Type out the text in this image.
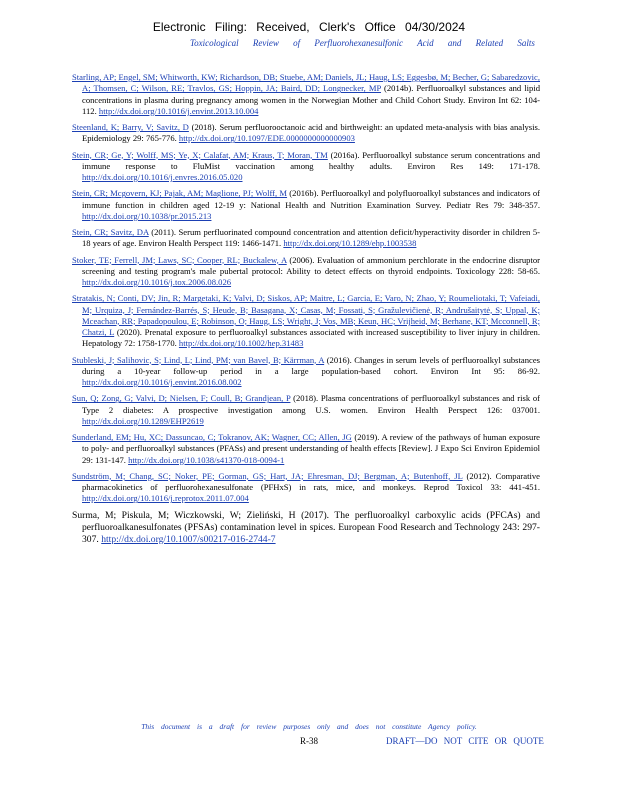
Electronic Filing: Received, Clerk's Office 04/30/2024
Toxicological Review of Perfluorohexanesulfonic Acid and Related Salts

Starling, AP; Engel, SM; Whitworth, KW; Richardson, DB; Stuebe, AM; Daniels, JL; Haug, LS; Eggesbø, M; Becher, G; Sabaredzovic, A; Thomsen, C; Wilson, RE; Travlos, GS; Hoppin, JA; Baird, DD; Longnecker, MP (2014b). Perfluoroalkyl substances and lipid concentrations in plasma during pregnancy among women in the Norwegian Mother and Child Cohort Study. Environ Int 62: 104-112. http://dx.doi.org/10.1016/j.envint.2013.10.004

Steenland, K; Barry, V; Savitz, D (2018). Serum perfluorooctanoic acid and birthweight: an updated meta-analysis with bias analysis. Epidemiology 29: 765-776. http://dx.doi.org/10.1097/EDE.0000000000000903

Stein, CR; Ge, Y; Wolff, MS; Ye, X; Calafat, AM; Kraus, T; Moran, TM (2016a). Perfluoroalkyl substance serum concentrations and immune response to FluMist vaccination among healthy adults. Environ Res 149: 171-178. http://dx.doi.org/10.1016/j.envres.2016.05.020

Stein, CR; Mcgovern, KJ; Pajak, AM; Maglione, PJ; Wolff, M (2016b). Perfluoroalkyl and polyfluoroalkyl substances and indicators of immune function in children aged 12-19 y: National Health and Nutrition Examination Survey. Pediatr Res 79: 348-357. http://dx.doi.org/10.1038/pr.2015.213

Stein, CR; Savitz, DA (2011). Serum perfluorinated compound concentration and attention deficit/hyperactivity disorder in children 5-18 years of age. Environ Health Perspect 119: 1466-1471. http://dx.doi.org/10.1289/ehp.1003538

Stoker, TE; Ferrell, JM; Laws, SC; Cooper, RL; Buckalew, A (2006). Evaluation of ammonium perchlorate in the endocrine disruptor screening and testing program's male pubertal protocol: Ability to detect effects on thyroid endpoints. Toxicology 228: 58-65. http://dx.doi.org/10.1016/j.tox.2006.08.026

Stratakis, N; Conti, DV; Jin, R; Margetaki, K; Valvi, D; Siskos, AP; Maitre, L; Garcia, E; Varo, N; Zhao, Y; Roumeliotaki, T; Vafeiadi, M; Urquiza, J; Fernández-Barrés, S; Heude, B; Basagana, X; Casas, M; Fossati, S; Gražulevičienė, R; Andrušaitytė, S; Uppal, K; Mceachan, RR; Papadopoulou, E; Robinson, O; Haug, LS; Wright, J; Vos, MB; Keun, HC; Vrijheid, M; Berhane, KT; Mcconnell, R; Chatzi, L (2020). Prenatal exposure to perfluoroalkyl substances associated with increased susceptibility to liver injury in children. Hepatology 72: 1758-1770. http://dx.doi.org/10.1002/hep.31483

Stubleski, J; Salihovic, S; Lind, L; Lind, PM; van Bavel, B; Kärrman, A (2016). Changes in serum levels of perfluoroalkyl substances during a 10-year follow-up period in a large population-based cohort. Environ Int 95: 86-92. http://dx.doi.org/10.1016/j.envint.2016.08.002

Sun, Q; Zong, G; Valvi, D; Nielsen, F; Coull, B; Grandjean, P (2018). Plasma concentrations of perfluoroalkyl substances and risk of Type 2 diabetes: A prospective investigation among U.S. women. Environ Health Perspect 126: 037001. http://dx.doi.org/10.1289/EHP2619

Sunderland, EM; Hu, XC; Dassuncao, C; Tokranov, AK; Wagner, CC; Allen, JG (2019). A review of the pathways of human exposure to poly- and perfluoroalkyl substances (PFASs) and present understanding of health effects [Review]. J Expo Sci Environ Epidemiol 29: 131-147. http://dx.doi.org/10.1038/s41370-018-0094-1

Sundström, M; Chang, SC; Noker, PE; Gorman, GS; Hart, JA; Ehresman, DJ; Bergman, A; Butenhoff, JL (2012). Comparative pharmacokinetics of perfluorohexanesulfonate (PFHxS) in rats, mice, and monkeys. Reprod Toxicol 33: 441-451. http://dx.doi.org/10.1016/j.reprotox.2011.07.004

Surma, M; Piskula, M; Wiczkowski, W; Zieliński, H (2017). The perfluoroalkyl carboxylic acids (PFCAs) and perfluoroalkanesulfonates (PFSAs) contamination level in spices. European Food Research and Technology 243: 297-307. http://dx.doi.org/10.1007/s00217-016-2744-7

This document is a draft for review purposes only and does not constitute Agency policy.
R-38	DRAFT—DO NOT CITE OR QUOTE
